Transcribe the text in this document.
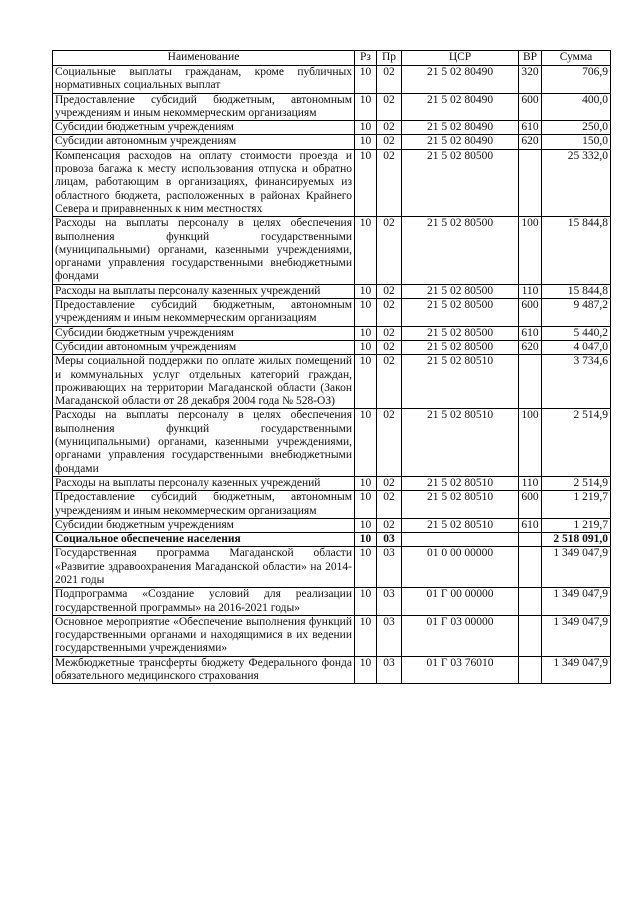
Наименование	Рз	Пр	ЦСР	ВР	Сумма
Социальные выплаты гражданам, кроме публичных нормативных социальных выплат	10	02	21 5 02 80490	320	706,9
Предоставление субсидий бюджетным, автономным учреждениям и иным некоммерческим организациям	10	02	21 5 02 80490	600	400,0
Субсидии бюджетным учреждениям	10	02	21 5 02 80490	610	250,0
Субсидии автономным учреждениям	10	02	21 5 02 80490	620	150,0
Компенсация расходов на оплату стоимости проезда и провоза багажа к месту использования отпуска и обратно лицам, работающим в организациях, финансируемых из областного бюджета, расположенных в районах Крайнего Севера и приравненных к ним местностях	10	02	21 5 02 80500		25 332,0
Расходы на выплаты персоналу в целях обеспечения выполнения функций государственными (муниципальными) органами, казенными учреждениями, органами управления государственными внебюджетными фондами	10	02	21 5 02 80500	100	15 844,8
Расходы на выплаты персоналу казенных учреждений	10	02	21 5 02 80500	110	15 844,8
Предоставление субсидий бюджетным, автономным учреждениям и иным некоммерческим организациям	10	02	21 5 02 80500	600	9 487,2
Субсидии бюджетным учреждениям	10	02	21 5 02 80500	610	5 440,2
Субсидии автономным учреждениям	10	02	21 5 02 80500	620	4 047,0
Меры социальной поддержки по оплате жилых помещений и коммунальных услуг отдельных категорий граждан, проживающих на территории Магаданской области (Закон Магаданской области от 28 декабря 2004 года № 528-ОЗ)	10	02	21 5 02 80510		3 734,6
Расходы на выплаты персоналу в целях обеспечения выполнения функций государственными (муниципальными) органами, казенными учреждениями, органами управления государственными внебюджетными фондами	10	02	21 5 02 80510	100	2 514,9
Расходы на выплаты персоналу казенных учреждений	10	02	21 5 02 80510	110	2 514,9
Предоставление субсидий бюджетным, автономным учреждениям и иным некоммерческим организациям	10	02	21 5 02 80510	600	1 219,7
Субсидии бюджетным учреждениям	10	02	21 5 02 80510	610	1 219,7
Социальное обеспечение населения	10	03			2 518 091,0
Государственная программа Магаданской области «Развитие здравоохранения Магаданской области» на 2014-2021 годы	10	03	01 0 00 00000		1 349 047,9
Подпрограмма «Создание условий для реализации государственной программы» на 2016-2021 годы»	10	03	01 Г 00 00000		1 349 047,9
Основное мероприятие «Обеспечение выполнения функций государственными органами и находящимися в их ведении государственными учреждениями»	10	03	01 Г 03 00000		1 349 047,9
Межбюджетные трансферты бюджету Федерального фонда обязательного медицинского страхования	10	03	01 Г 03 76010		1 349 047,9
